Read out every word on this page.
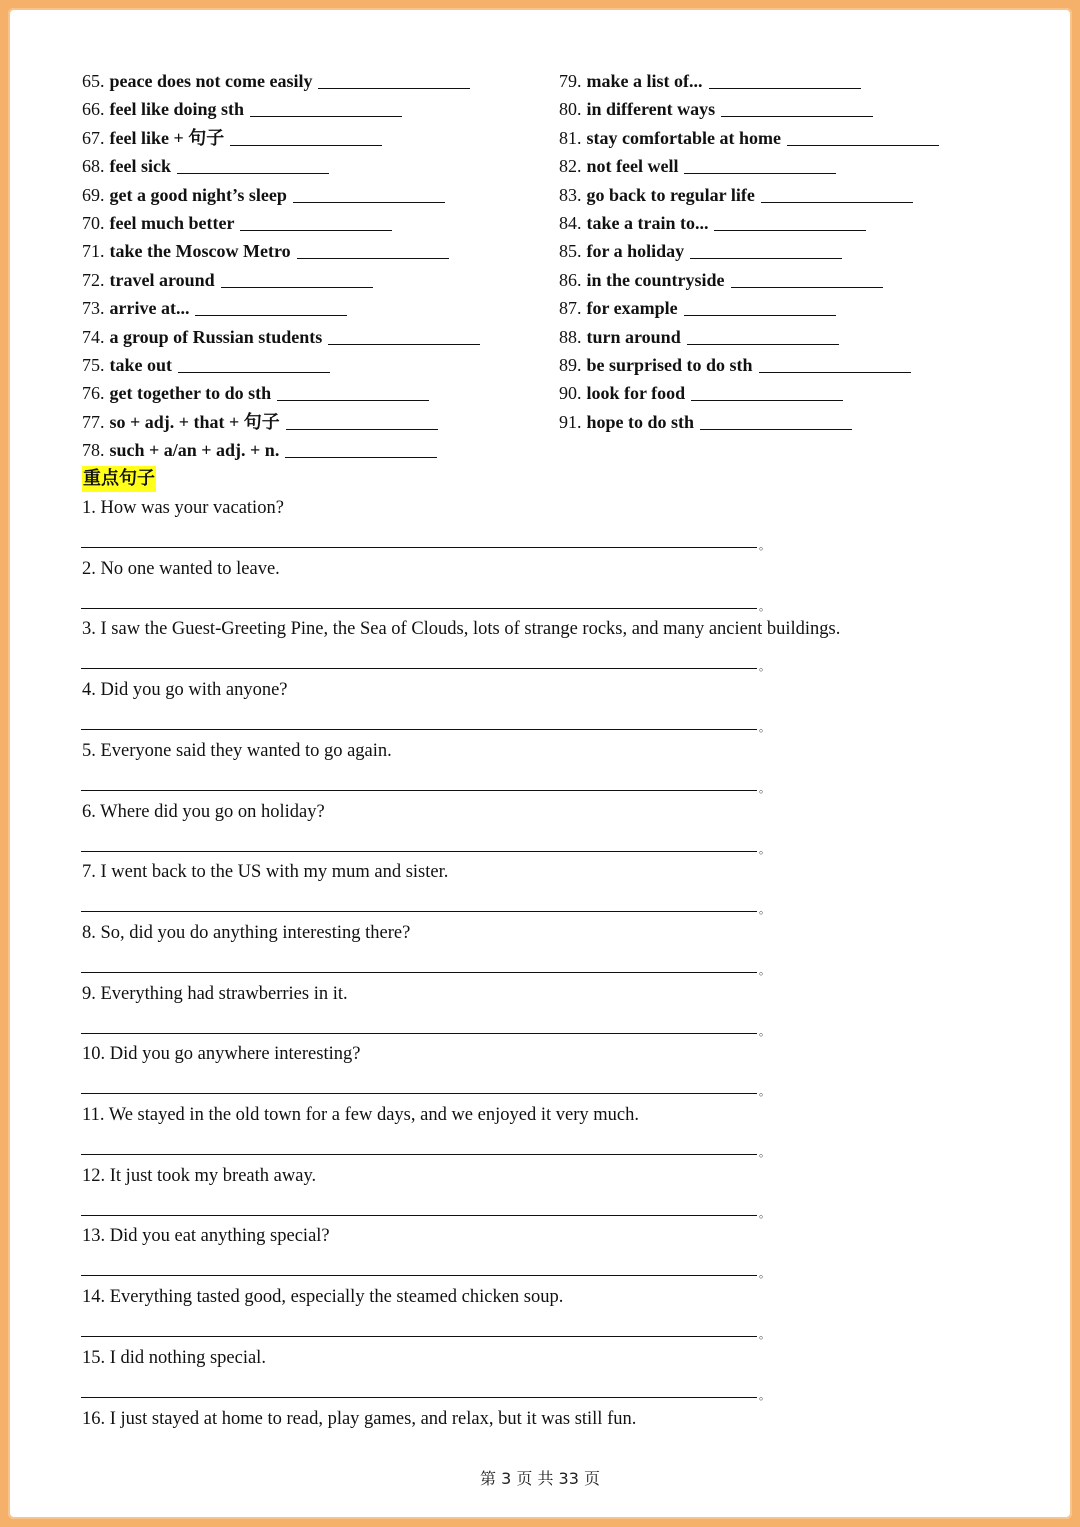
65. peace does not come easily
66. feel like doing sth
67. feel like + 句子
68. feel sick
69. get a good night’s sleep
70. feel much better
71. take the Moscow Metro
72. travel around
73. arrive at...
74. a group of Russian students
75. take out
76. get together to do sth
77. so + adj. + that + 句子
78. such + a/an + adj. + n.
79. make a list of...
80. in different ways
81. stay comfortable at home
82. not feel well
83. go back to regular life
84. take a train to...
85. for a holiday
86. in the countryside
87. for example
88. turn around
89. be surprised to do sth
90. look for food
91. hope to do sth
重点句子
1. How was your vacation?
。
2. No one wanted to leave.
。
3. I saw the Guest-Greeting Pine, the Sea of Clouds, lots of strange rocks, and many ancient buildings.
。
4. Did you go with anyone?
。
5. Everyone said they wanted to go again.
。
6. Where did you go on holiday?
。
7. I went back to the US with my mum and sister.
。
8. So, did you do anything interesting there?
。
9. Everything had strawberries in it.
。
10. Did you go anywhere interesting?
。
11. We stayed in the old town for a few days, and we enjoyed it very much.
。
12. It just took my breath away.
。
13. Did you eat anything special?
。
14. Everything tasted good, especially the steamed chicken soup.
。
15. I did nothing special.
。
16. I just stayed at home to read, play games, and relax, but it was still fun.
第 3 页 共 33 页
